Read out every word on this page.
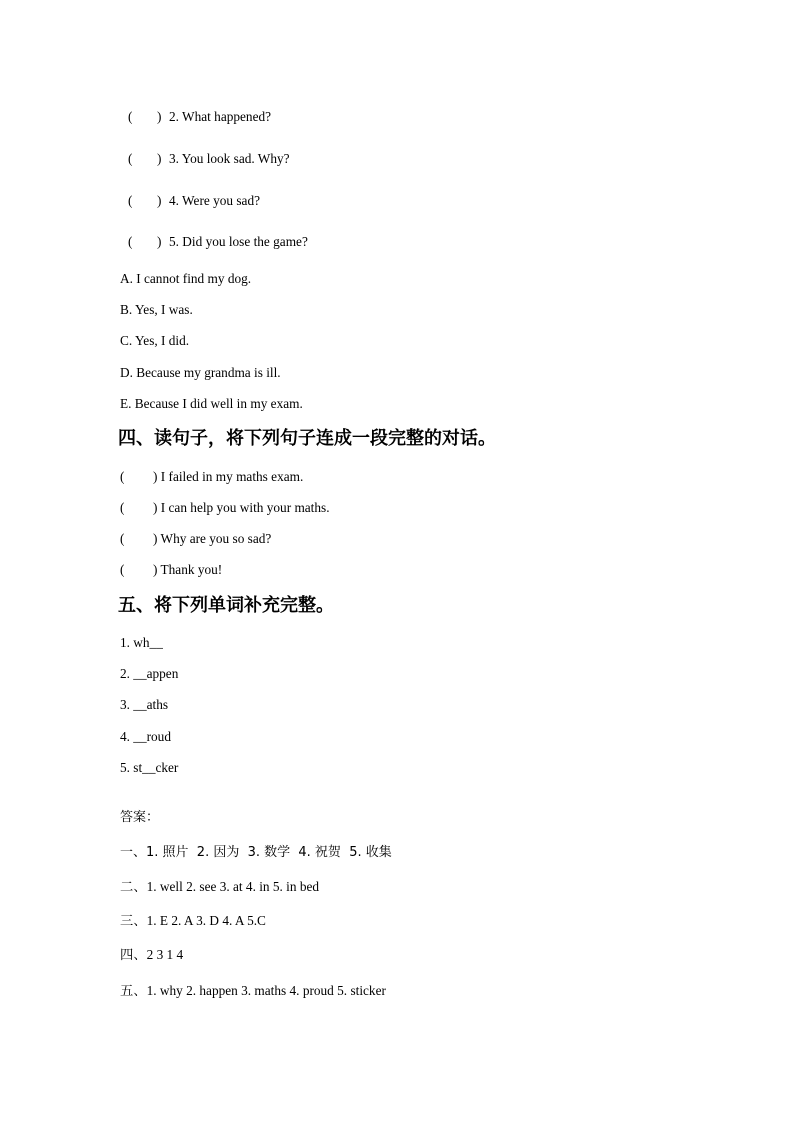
( ) 2. What happened?
( ) 3. You look sad. Why?
( ) 4. Were you sad?
( ) 5. Did you lose the game?
A. I cannot find my dog.
B. Yes, I was.
C. Yes, I did.
D. Because my grandma is ill.
E. Because I did well in my exam.
四、读句子，将下列句子连成一段完整的对话。
( ) I failed in my maths exam.
( ) I can help you with your maths.
( ) Why are you so sad?
( ) Thank you!
五、将下列单词补充完整。
1. wh__
2. __appen
3. __aths
4. __roud
5. st__cker
答案：
一、1. 照片  2. 因为  3. 数学  4. 祝贺  5. 收集
二、1. well 2. see 3. at 4. in 5. in bed
三、1. E 2. A 3. D 4. A 5.C
四、2 3 1 4
五、1. why 2. happen 3. maths 4. proud 5. sticker
